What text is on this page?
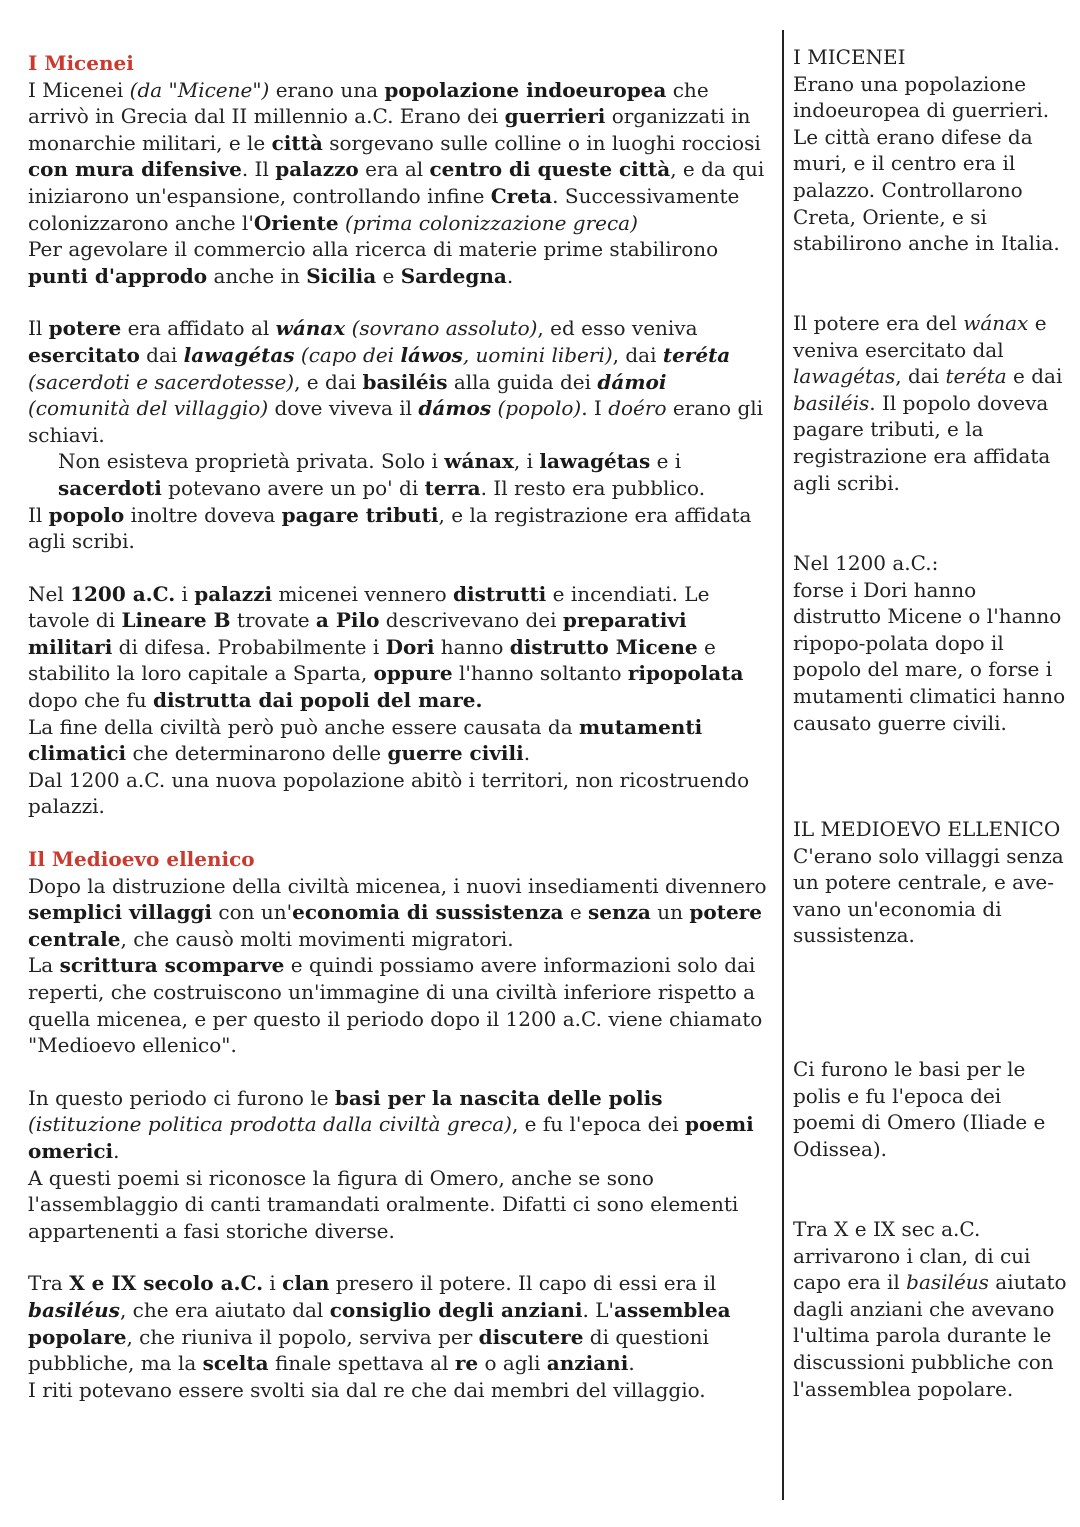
I Micenei

I Micenei (da "Micene") erano una popolazione indoeuropea che arrivò in Grecia dal II millennio a.C. Erano dei guerrieri organizzati in monarchie militari, e le città sorgevano sulle colline o in luoghi rocciosi con mura difensive. Il palazzo era al centro di queste città, e da qui iniziarono un'espansione, controllando infine Creta. Successivamente colonizzarono anche l'Oriente (prima colonizzazione greca)

Per agevolare il commercio alla ricerca di materie prime stabilirono punti d'approdo anche in Sicilia e Sardegna.

Il potere era affidato al wánax (sovrano assoluto), ed esso veniva esercitato dai lawagétas (capo dei láwos, uomini liberi), dai teréta (sacerdoti e sacerdotesse), e dai basiléis alla guida dei dámoi (comunità del villaggio) dove viveva il dámos (popolo). I doéro erano gli schiavi.

Non esisteva proprietà privata. Solo i wánax, i lawagétas e i sacerdoti potevano avere un po' di terra. Il resto era pubblico.

Il popolo inoltre doveva pagare tributi, e la registrazione era affidata agli scribi.

Nel 1200 a.C. i palazzi micenei vennero distrutti e incendiati. Le tavole di Lineare B trovate a Pilo descrivevano dei preparativi militari di difesa. Probabilmente i Dori hanno distrutto Micene e stabilito la loro capitale a Sparta, oppure l'hanno soltanto ripopolata dopo che fu distrutta dai popoli del mare.

La fine della civiltà però può anche essere causata da mutamenti climatici che determinarono delle guerre civili.

Dal 1200 a.C. una nuova popolazione abitò i territori, non ricostruendo palazzi.

Il Medioevo ellenico

Dopo la distruzione della civiltà micenea, i nuovi insediamenti divennero semplici villaggi con un'economia di sussistenza e senza un potere centrale, che causò molti movimenti migratori.

La scrittura scomparve e quindi possiamo avere informazioni solo dai reperti, che costruiscono un'immagine di una civiltà inferiore rispetto a quella micenea, e per questo il periodo dopo il 1200 a.C. viene chiamato "Medioevo ellenico".

In questo periodo ci furono le basi per la nascita delle polis (istituzione politica prodotta dalla civiltà greca), e fu l'epoca dei poemi omerici.

A questi poemi si riconosce la figura di Omero, anche se sono l'assemblaggio di canti tramandati oralmente. Difatti ci sono elementi appartenenti a fasi storiche diverse.

Tra X e IX secolo a.C. i clan presero il potere. Il capo di essi era il basiléus, che era aiutato dal consiglio degli anziani. L'assemblea popolare, che riuniva il popolo, serviva per discutere di questioni pubbliche, ma la scelta finale spettava al re o agli anziani.

I riti potevano essere svolti sia dal re che dai membri del villaggio.

I MICENEI
Erano una popolazione indoeuropea di guerrieri. Le città erano difese da muri, e il centro era il palazzo. Controllarono Creta, Oriente, e si stabilirono anche in Italia.

Il potere era del wánax e veniva esercitato dal lawagétas, dai teréta e dai basiléis. Il popolo doveva pagare tributi, e la registrazione era affidata agli scribi.

Nel 1200 a.C.:
forse i Dori hanno distrutto Micene o l'hanno ripopo-polata dopo il popolo del mare, o forse i mutamenti climatici hanno causato guerre civili.

IL MEDIOEVO ELLENICO
C'erano solo villaggi senza un potere centrale, e ave-vano un'economia di sussistenza.

Ci furono le basi per le polis e fu l'epoca dei poemi di Omero (Iliade e Odissea).

Tra X e IX sec a.C. arrivarono i clan, di cui capo era il basiléus aiutato dagli anziani che avevano l'ultima parola durante le discussioni pubbliche con l'assemblea popolare.
